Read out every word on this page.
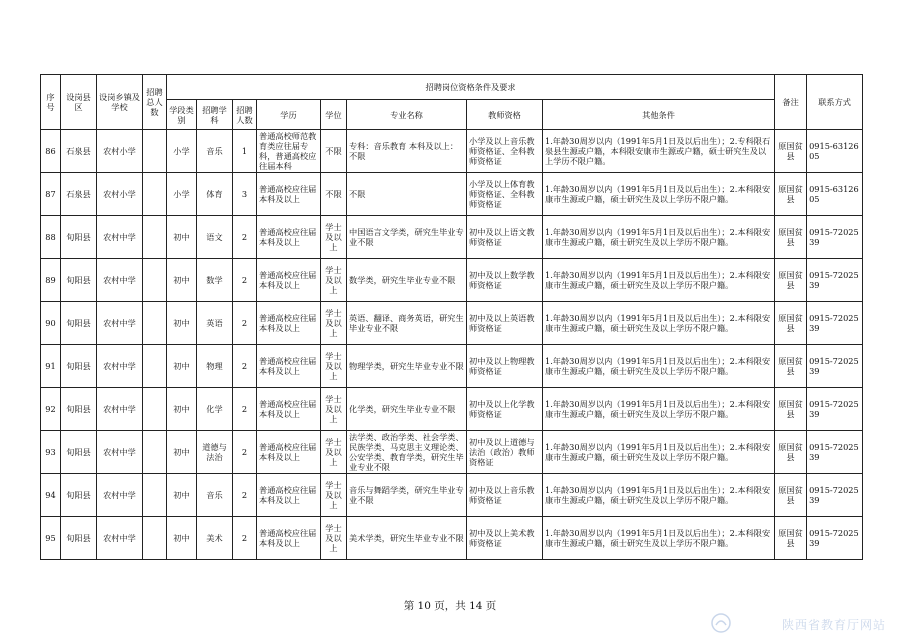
序号	设岗县区	设岗乡镇及学校	招聘总人数	招聘岗位资格条件及要求								备注	联系方式
				学段类别	招聘学科	招聘人数	学历	学位	专业名称	教师资格	其他条件		

86	石泉县	农村小学		小学	音乐	1	普通高校师范教育类应往届专科，普通高校应往届本科	不限	专科：音乐教育 本科及以上：不限	小学及以上音乐教师资格证、全科教师资格证	1.年龄30周岁以内（1991年5月1日及以后出生）；2.专科限石泉县生源或户籍，本科限安康市生源或户籍，硕士研究生及以上学历不限户籍。	原国贫县	0915-6312605

87	石泉县	农村小学		小学	体育	3	普通高校应往届本科及以上	不限	不限	小学及以上体育教师资格证、全科教师资格证	1.年龄30周岁以内（1991年5月1日及以后出生）；2.本科限安康市生源或户籍，硕士研究生及以上学历不限户籍。	原国贫县	0915-6312605

88	旬阳县	农村中学		初中	语文	2	普通高校应往届本科及以上	学士及以上	中国语言文学类，研究生毕业专业不限	初中及以上语文教师资格证	1.年龄30周岁以内（1991年5月1日及以后出生）；2.本科限安康市生源或户籍，硕士研究生及以上学历不限户籍。	原国贫县	0915-7202539

89	旬阳县	农村中学		初中	数学	2	普通高校应往届本科及以上	学士及以上	数学类，研究生毕业专业不限	初中及以上数学教师资格证	1.年龄30周岁以内（1991年5月1日及以后出生）；2.本科限安康市生源或户籍，硕士研究生及以上学历不限户籍。	原国贫县	0915-7202539

90	旬阳县	农村中学		初中	英语	2	普通高校应往届本科及以上	学士及以上	英语、翻译、商务英语，研究生毕业专业不限	初中及以上英语教师资格证	1.年龄30周岁以内（1991年5月1日及以后出生）；2.本科限安康市生源或户籍，硕士研究生及以上学历不限户籍。	原国贫县	0915-7202539

91	旬阳县	农村中学		初中	物理	2	普通高校应往届本科及以上	学士及以上	物理学类，研究生毕业专业不限	初中及以上物理教师资格证	1.年龄30周岁以内（1991年5月1日及以后出生）；2.本科限安康市生源或户籍，硕士研究生及以上学历不限户籍。	原国贫县	0915-7202539

92	旬阳县	农村中学		初中	化学	2	普通高校应往届本科及以上	学士及以上	化学类，研究生毕业专业不限	初中及以上化学教师资格证	1.年龄30周岁以内（1991年5月1日及以后出生）；2.本科限安康市生源或户籍，硕士研究生及以上学历不限户籍。	原国贫县	0915-7202539

93	旬阳县	农村中学		初中	道德与法治	2	普通高校应往届本科及以上	学士及以上	法学类、政治学类、社会学类、民族学类、马克思主义理论类、公安学类、教育学类，研究生毕业专业不限	初中及以上道德与法治（政治）教师资格证	1.年龄30周岁以内（1991年5月1日及以后出生）；2.本科限安康市生源或户籍，硕士研究生及以上学历不限户籍。	原国贫县	0915-7202539

94	旬阳县	农村中学		初中	音乐	2	普通高校应往届本科及以上	学士及以上	音乐与舞蹈学类，研究生毕业专业不限	初中及以上音乐教师资格证	1.年龄30周岁以内（1991年5月1日及以后出生）；2.本科限安康市生源或户籍，硕士研究生及以上学历不限户籍。	原国贫县	0915-7202539

95	旬阳县	农村中学		初中	美术	2	普通高校应往届本科及以上	学士及以上	美术学类，研究生毕业专业不限	初中及以上美术教师资格证	1.年龄30周岁以内（1991年5月1日及以后出生）；2.本科限安康市生源或户籍，硕士研究生及以上学历不限户籍。	原国贫县	0915-7202539
第 10 页，共 14 页
陕西省教育厅网站
